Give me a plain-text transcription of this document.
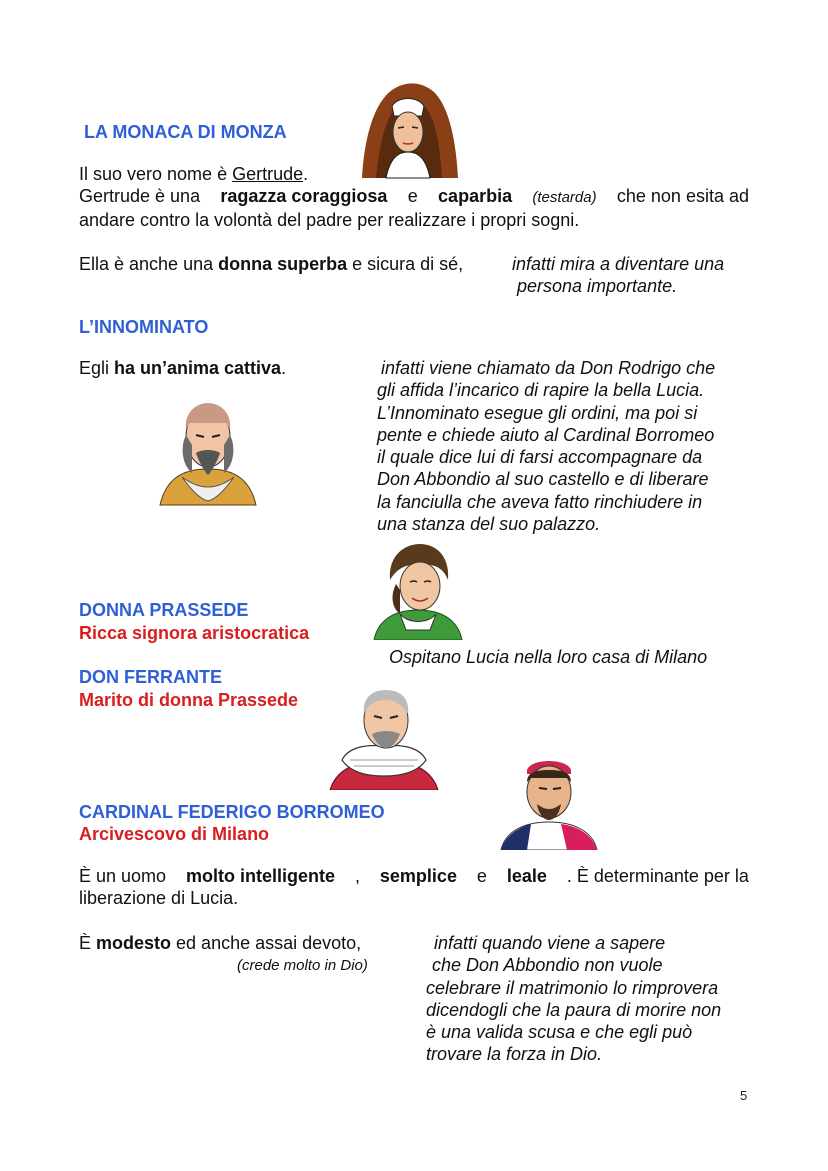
LA MONACA DI MONZA
Il suo vero nome è Gertrude.
Gertrude è una ragazza coraggiosa e caparbia (testarda) che non esita ad
andare contro la volontà del padre per realizzare i propri sogni.
Ella è anche una donna superba e sicura di sé,	infatti mira a diventare una
persona importante.
L’INNOMINATO
Egli ha un’anima cattiva.	infatti viene chiamato da Don Rodrigo che
gli affida l’incarico di rapire la bella Lucia.
L’Innominato esegue gli ordini, ma poi si
pente e chiede aiuto al Cardinal Borromeo
il quale dice lui di farsi accompagnare da
Don Abbondio al suo castello e di liberare
la fanciulla che aveva fatto rinchiudere in
una stanza del suo palazzo.
DONNA PRASSEDE
Ricca signora aristocratica
Ospitano Lucia nella loro casa di Milano
DON FERRANTE
Marito di donna Prassede
CARDINAL FEDERIGO BORROMEO
Arcivescovo di Milano
È un uomo molto intelligente , semplice e leale . È determinante per la
liberazione di Lucia.
È modesto ed anche assai devoto,
(crede molto in Dio)
infatti quando viene a sapere
che Don Abbondio non vuole
celebrare il matrimonio lo rimprovera
dicendogli che la paura di morire non
è una valida scusa e che egli può
trovare la forza in Dio.
5
